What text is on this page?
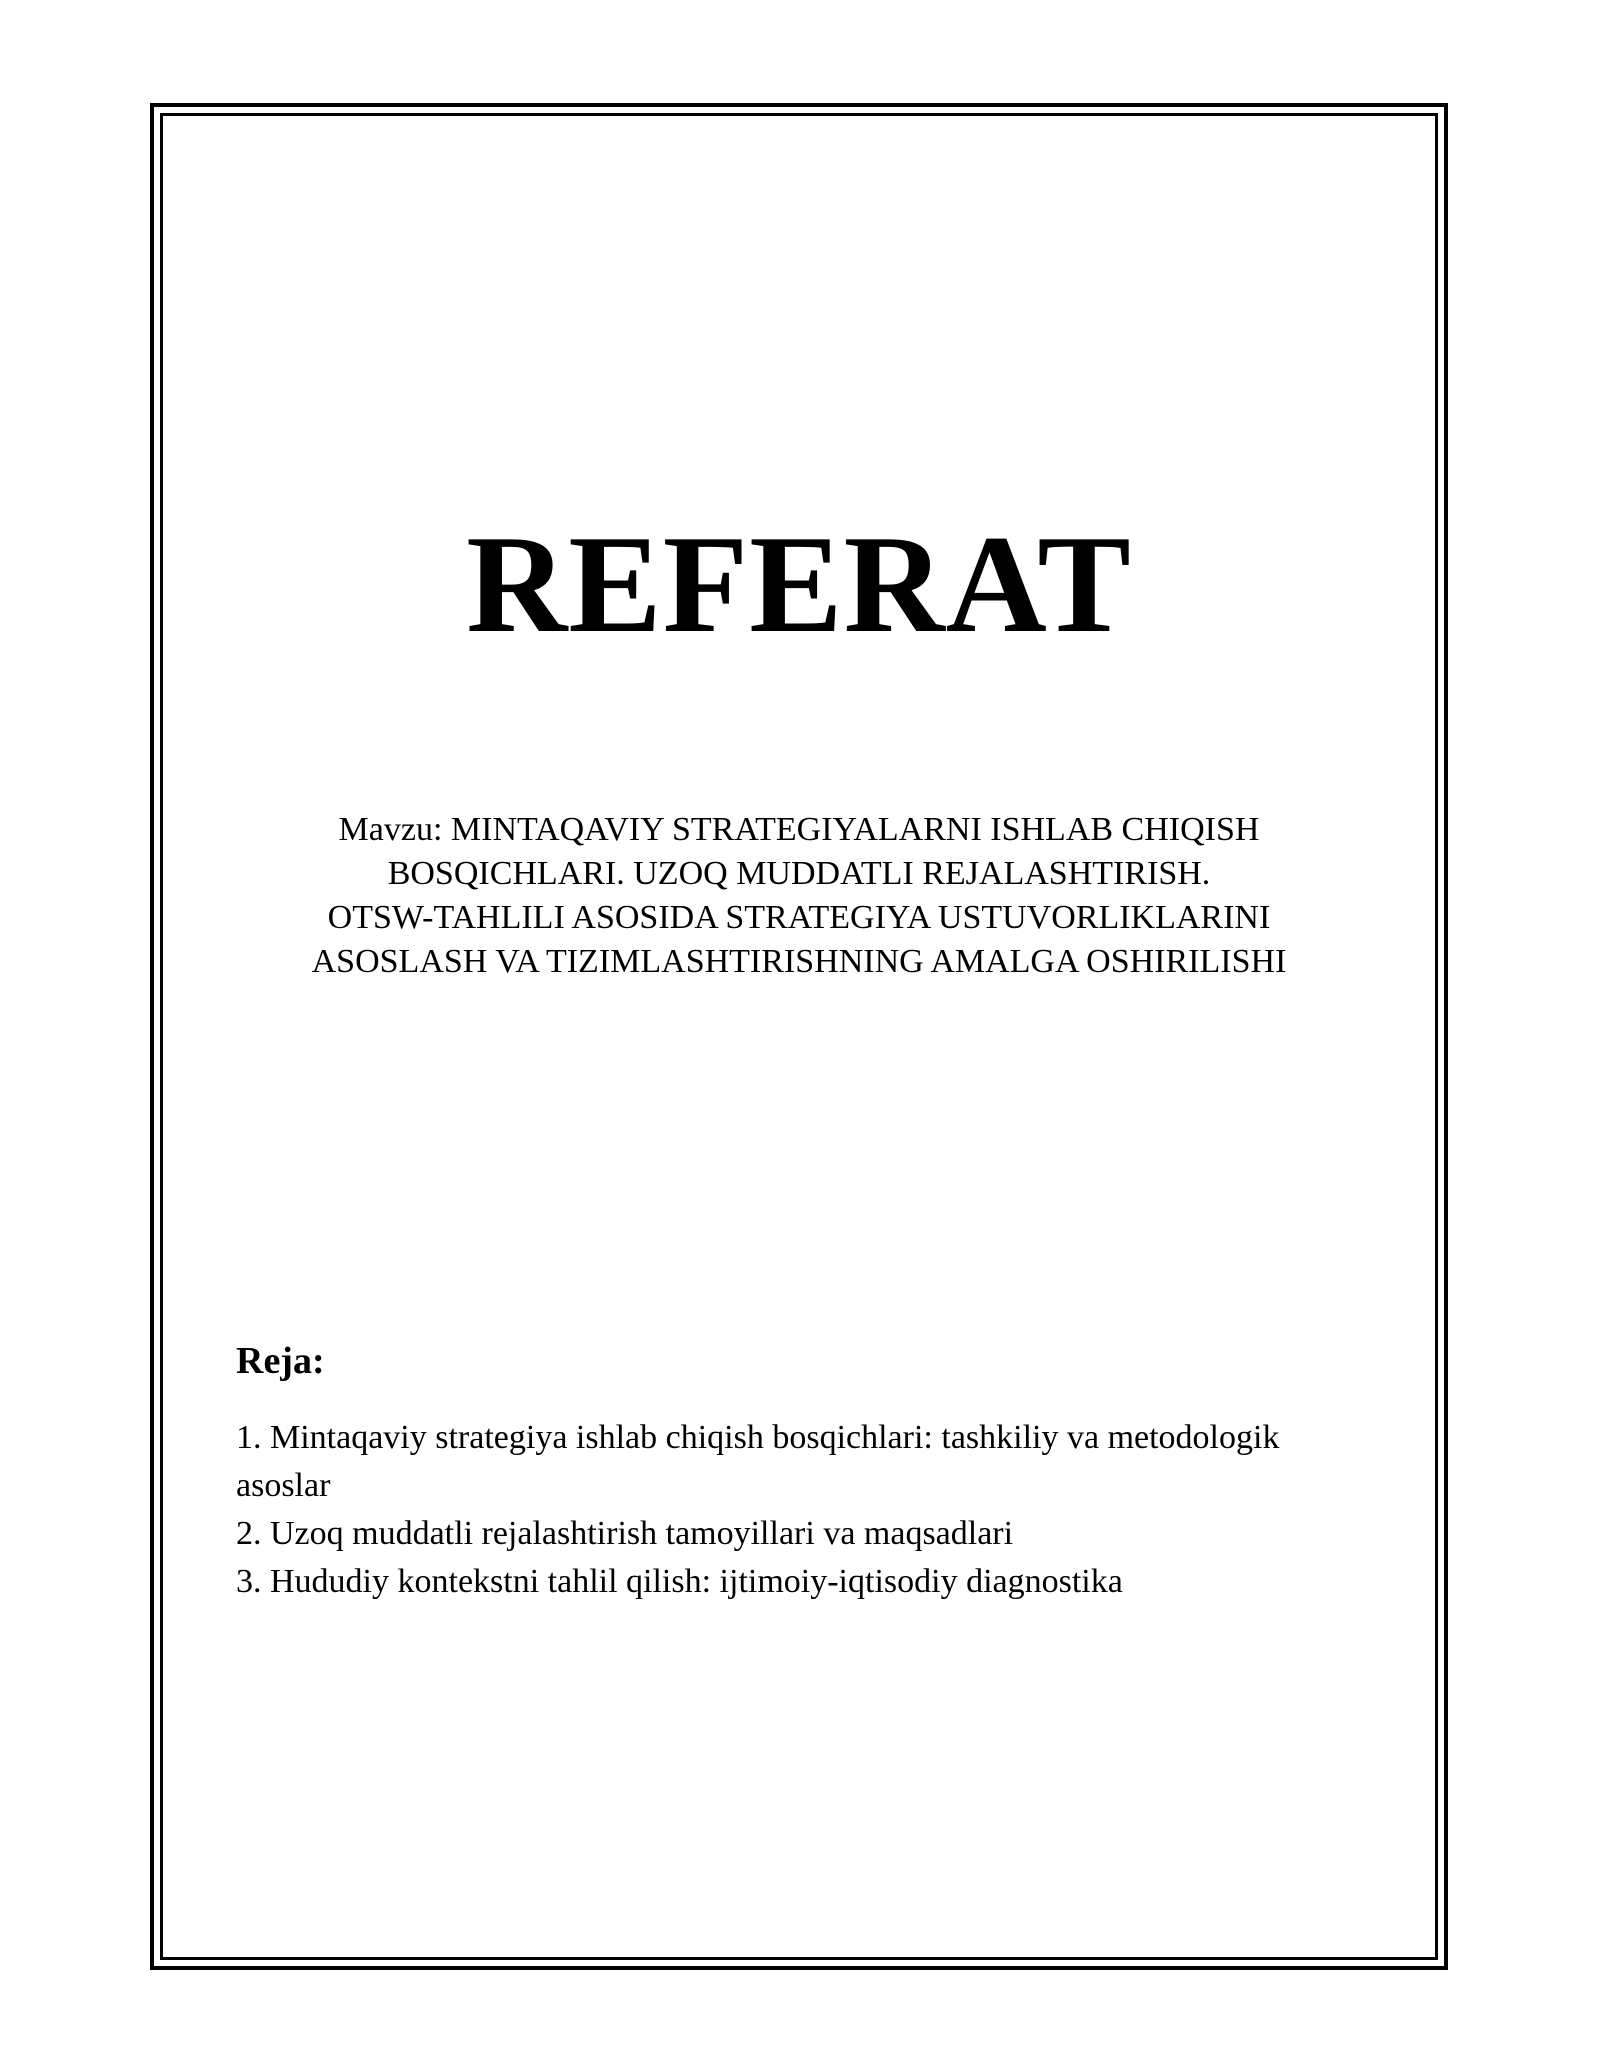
REFERAT
Mavzu: MINTAQAVIY STRATEGIYALARNI ISHLAB CHIQISH
BOSQICHLARI. UZOQ MUDDATLI REJALASHTIRISH.
OTSW-TAHLILI ASOSIDA STRATEGIYA USTUVORLIKLARINI
ASOSLASH VA TIZIMLASHTIRISHNING AMALGA OSHIRILISHI
Reja:
1. Mintaqaviy strategiya ishlab chiqish bosqichlari: tashkiliy va metodologik asoslar
2. Uzoq muddatli rejalashtirish tamoyillari va maqsadlari
3. Hududiy kontekstni tahlil qilish: ijtimoiy-iqtisodiy diagnostika
